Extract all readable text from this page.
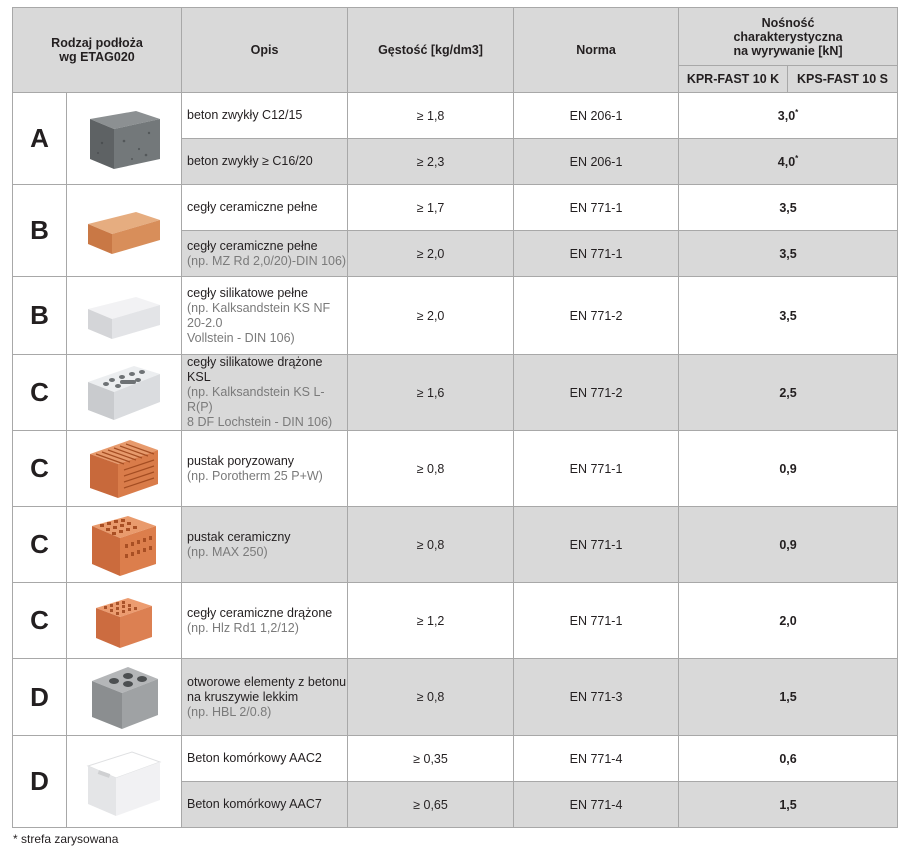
Rodzaj podłoża
wg ETAG020		Opis	Gęstość [kg/dm3]	Norma	Nośność
charakterystyczna
na wyrywanie [kN]	
					KPR-FAST 10 K	KPS-FAST 10 S
A		beton zwykły C12/15	≥ 1,8	EN 206-1	3,0*

		beton zwykły ≥ C16/20	≥ 2,3	EN 206-1	4,0*
B		cegły ceramiczne pełne	≥ 1,7	EN 771-1	3,5	

		cegły ceramiczne pełne
(np. MZ Rd 2,0/20)-DIN 106)	≥ 2,0	EN 771-1	3,5	
B		cegły silikatowe pełne
(np. Kalksandstein KS NF
20-2.0
Vollstein - DIN 106)	≥ 2,0	EN 771-2	3,5	
C		cegły silikatowe drążone KSL
(np. Kalksandstein KS L-R(P)
8 DF Lochstein - DIN 106)	≥ 1,6	EN 771-2	2,5	
C		pustak poryzowany
(np. Porotherm 25 P+W)	≥ 0,8	EN 771-1	0,9	
C		pustak ceramiczny
(np. MAX 250)	≥ 0,8	EN 771-1	0,9	
C		cegły ceramiczne drążone
(np. Hlz Rd1 1,2/12)	≥ 1,2	EN 771-1	2,0	
D		otworowe elementy z betonu
na kruszywie lekkim
(np. HBL 2/0.8)	≥ 0,8	EN 771-3	1,5	
D		Beton komórkowy AAC2	≥ 0,35	EN 771-4	0,6	

		Beton komórkowy AAC7	≥ 0,65	EN 771-4	1,5	
* strefa zarysowana
